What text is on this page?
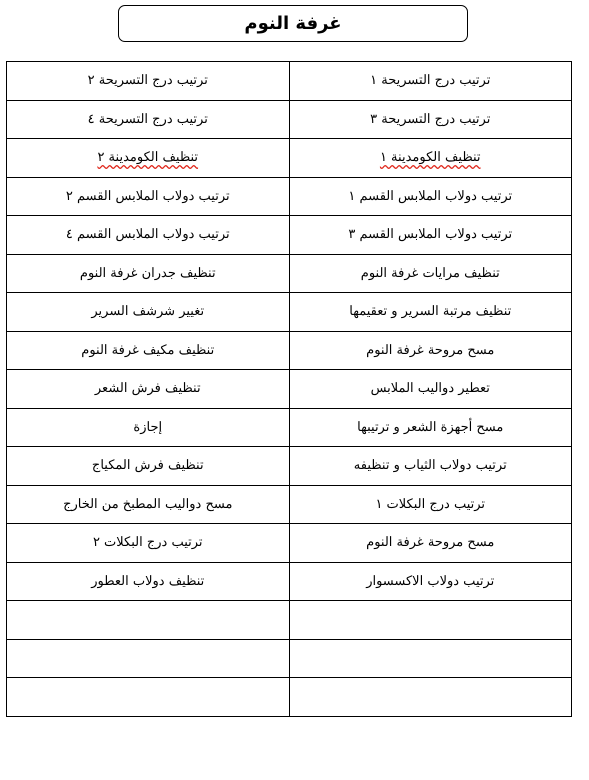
غرفة النوم
ترتيب درج التسريحة ١	ترتيب درج التسريحة ٢
ترتيب درج التسريحة ٣	ترتيب درج التسريحة ٤
تنظيف الكومدينة ١	تنظيف الكومدينة ٢
ترتيب دولاب الملابس القسم ١	ترتيب دولاب الملابس القسم ٢
ترتيب دولاب الملابس القسم ٣	ترتيب دولاب الملابس القسم ٤
تنظيف مرايات غرفة النوم	تنظيف جدران غرفة النوم
تنظيف مرتبة السرير و تعقيمها	تغيير شرشف السرير
مسح مروحة غرفة النوم	تنظيف مكيف غرفة النوم
تعطير دواليب الملابس	تنظيف فرش الشعر
مسح أجهزة الشعر و ترتيبها	إجازة
ترتيب دولاب الثياب و تنظيفه	تنظيف فرش المكياج
ترتيب درج البكلات ١	مسح دواليب المطبخ من الخارج
مسح مروحة غرفة النوم	ترتيب درج البكلات ٢
ترتيب دولاب الاكسسوار	تنظيف دولاب العطور
